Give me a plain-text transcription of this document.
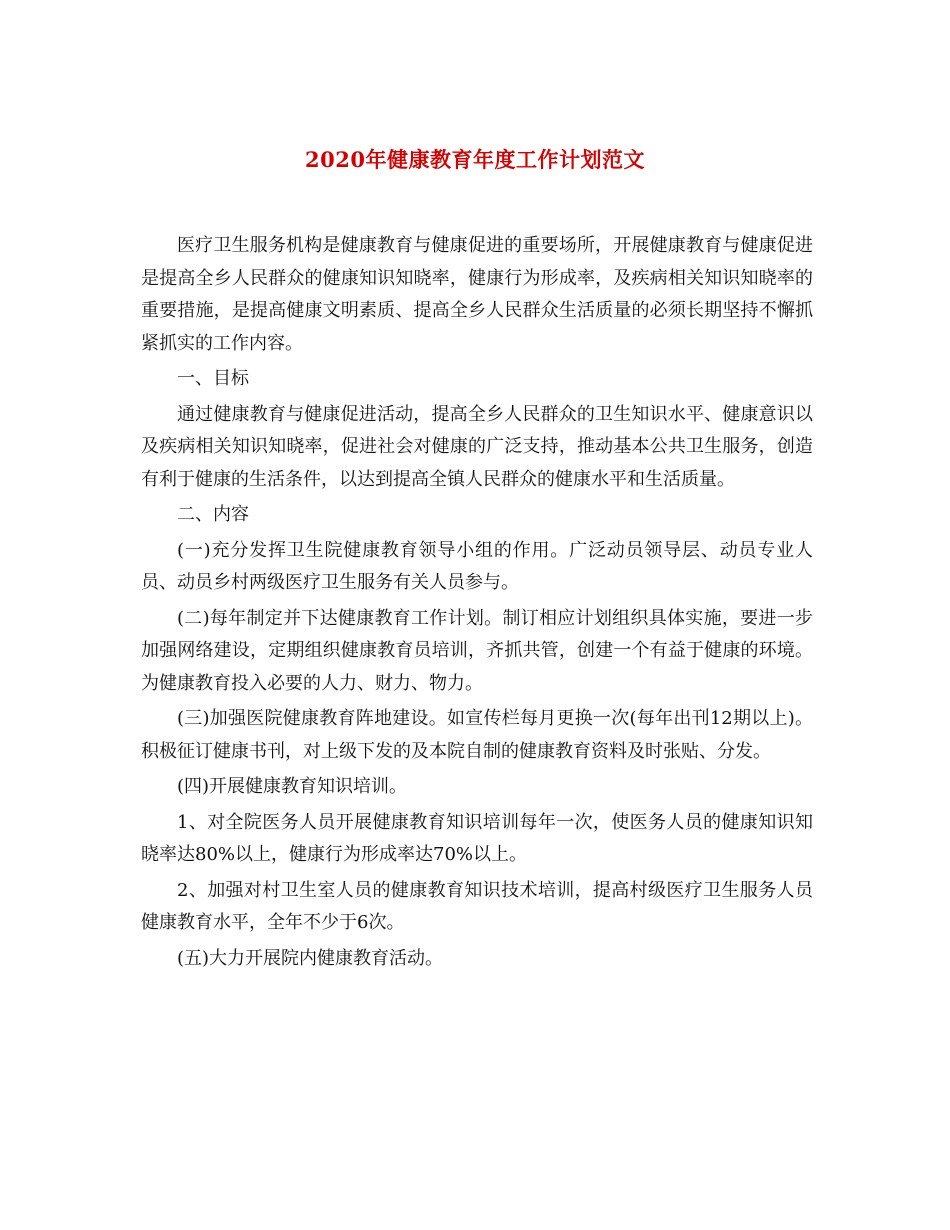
2020年健康教育年度工作计划范文

医疗卫生服务机构是健康教育与健康促进的重要场所，开展健康教育与健康促进是提高全乡人民群众的健康知识知晓率，健康行为形成率，及疾病相关知识知晓率的重要措施，是提高健康文明素质、提高全乡人民群众生活质量的必须长期坚持不懈抓紧抓实的工作内容。

一、目标

通过健康教育与健康促进活动，提高全乡人民群众的卫生知识水平、健康意识以及疾病相关知识知晓率，促进社会对健康的广泛支持，推动基本公共卫生服务，创造有利于健康的生活条件，以达到提高全镇人民群众的健康水平和生活质量。

二、内容

(一)充分发挥卫生院健康教育领导小组的作用。广泛动员领导层、动员专业人员、动员乡村两级医疗卫生服务有关人员参与。

(二)每年制定并下达健康教育工作计划。制订相应计划组织具体实施，要进一步加强网络建设，定期组织健康教育员培训，齐抓共管，创建一个有益于健康的环境。为健康教育投入必要的人力、财力、物力。

(三)加强医院健康教育阵地建设。如宣传栏每月更换一次(每年出刊12期以上)。积极征订健康书刊，对上级下发的及本院自制的健康教育资料及时张贴、分发。

(四)开展健康教育知识培训。

1、对全院医务人员开展健康教育知识培训每年一次，使医务人员的健康知识知晓率达80%以上，健康行为形成率达70%以上。

2、加强对村卫生室人员的健康教育知识技术培训，提高村级医疗卫生服务人员健康教育水平，全年不少于6次。

(五)大力开展院内健康教育活动。
